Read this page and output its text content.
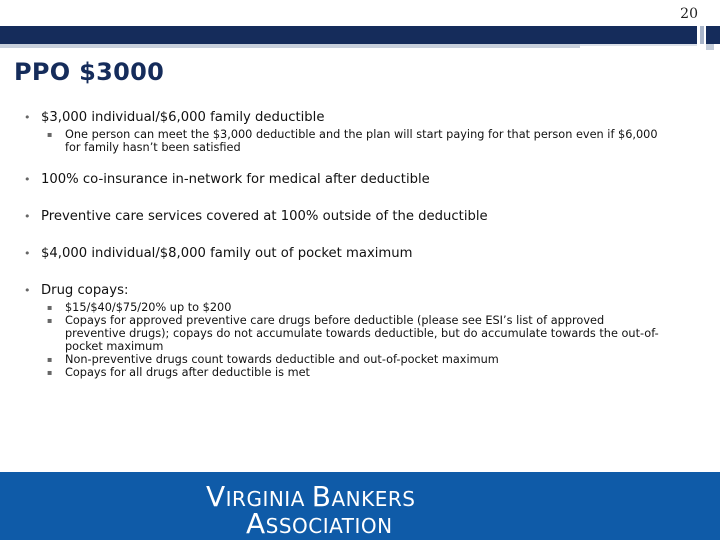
20
PPO $3000
• $3,000 individual/$6,000 family deductible
▪ One person can meet the $3,000 deductible and the plan will start paying for that person even if $6,000 for family hasn’t been satisfied
• 100% co-insurance in-network for medical after deductible
• Preventive care services covered at 100% outside of the deductible
• $4,000 individual/$8,000 family out of pocket maximum
• Drug copays:
▪ $15/$40/$75/20% up to $200
▪ Copays for approved preventive care drugs before deductible (please see ESI’s list of approved preventive drugs); copays do not accumulate towards deductible, but do accumulate towards the out-of-pocket maximum
▪ Non-preventive drugs count towards deductible and out-of-pocket maximum
▪ Copays for all drugs after deductible is met
VIRGINIA BANKERS
ASSOCIATION
